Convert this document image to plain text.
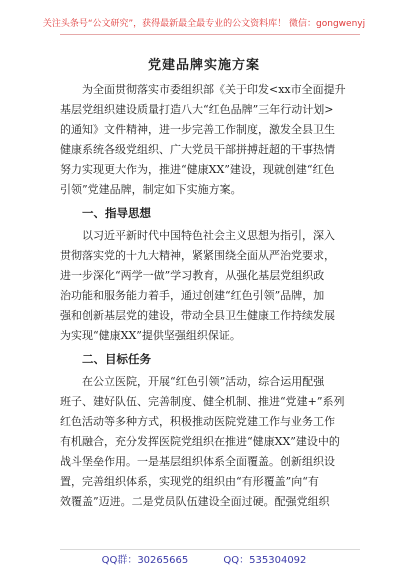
关注头条号“公文研究”，获得最新最全最专业的公文资料库！ 微信：gongwenyj
党建品牌实施方案
为全面贯彻落实市委组织部《关于印发<xx市全面提升
基层党组织建设质量打造八大“红色品牌”三年行动计划>
的通知》文件精神，进一步完善工作制度，激发全县卫生
健康系统各级党组织、广大党员干部拼搏赶超的干事热情
努力实现更大作为，推进“健康XX”建设，现就创建“红色
引领”党建品牌，制定如下实施方案。
一、指导思想
以习近平新时代中国特色社会主义思想为指引，深入
贯彻落实党的十九大精神，紧紧围绕全面从严治党要求，
进一步深化“两学一做”学习教育，从强化基层党组织政
治功能和服务能力着手，通过创建“红色引领”品牌，加
强和创新基层党的建设，带动全县卫生健康工作持续发展
为实现“健康XX”提供坚强组织保证。
二、目标任务
在公立医院，开展“红色引领”活动，综合运用配强
班子、建好队伍、完善制度、健全机制、推进“党建+”系列
红色活动等多种方式，积极推动医院党建工作与业务工作
有机融合，充分发挥医院党组织在推进“健康XX”建设中的
战斗堡垒作用。一是基层组织体系全面覆盖。创新组织设
置，完善组织体系，实现党的组织由“有形覆盖”向“有
效覆盖”迈进。二是党员队伍建设全面过硬。配强党组织
QQ群：30265665	QQ：535304092
